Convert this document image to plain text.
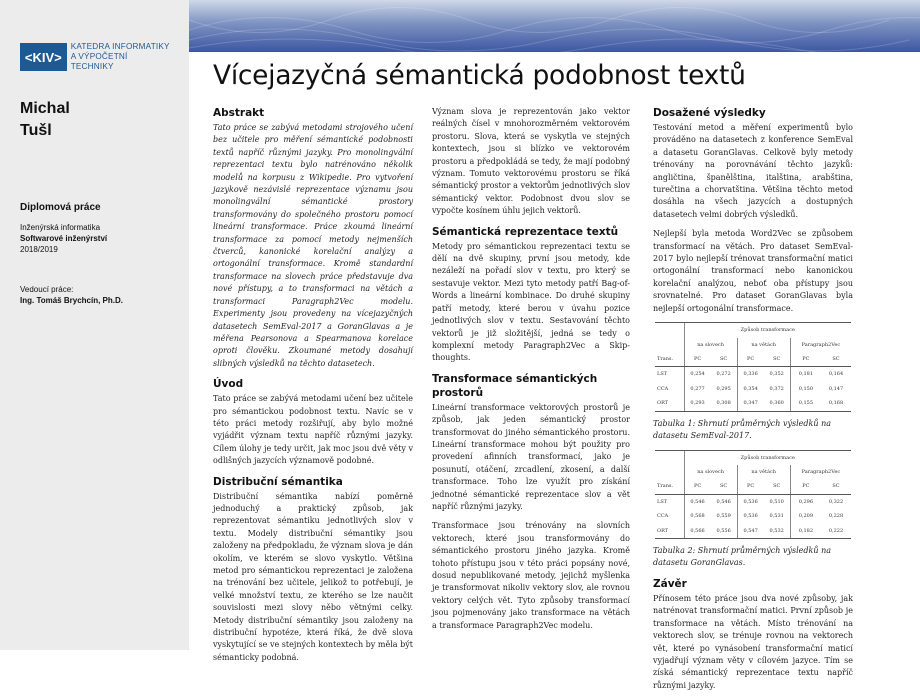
<KIV>
KATEDRA INFORMATIKY
A VÝPOČETNÍ TECHNIKY
Michal
Tušl
Diplomová práce
Inženýrská informatika
Softwarové inženýrství
2018/2019
Vedoucí práce:
Ing. Tomáš Brychcín, Ph.D.
Vícejazyčná sémantická podobnost textů
Abstrakt
Tato práce se zabývá metodami strojového učení bez učitele pro měření sémantické podobnosti textů napříč různými jazyky. Pro monolingvální reprezentaci textu bylo natrénováno několik modelů na korpusu z Wikipedie. Pro vytvoření jazykově nezávislé reprezentace významu jsou monolingvální sémantické prostory transformovány do společného prostoru pomocí lineární transformace. Práce zkoumá lineární transformace za pomocí metody nejmenších čtverců, kanonické korelační analýzy a ortogonální transformace. Kromě standardní transformace na slovech práce představuje dva nové přístupy, a to transformaci na větách a transformaci Paragraph2Vec modelu. Experimenty jsou provedeny na vícejazyčných datasetech SemEval-2017 a GoranGlavas a je měřena Pearsonova a Spearmanova korelace oproti člověku. Zkoumané metody dosahují slibných výsledků na těchto datasetech.
Úvod
Tato práce se zabývá metodami učení bez učitele pro sémantickou podobnost textu. Navíc se v této práci metody rozšiřují, aby bylo možné vyjádřit význam textu napříč různými jazyky. Cílem úlohy je tedy určit, jak moc jsou dvě věty v odlišných jazycích významově podobné.
Distribuční sémantika
Distribuční sémantika nabízí poměrně jednoduchý a praktický způsob, jak reprezentovat sémantiku jednotlivých slov v textu. Modely distribuční sémantiky jsou založeny na předpokladu, že význam slova je dán okolím, ve kterém se slovo vyskytlo. Většina metod pro sémantickou reprezentaci je založena na trénování bez učitele, jelikož to potřebují, je velké množství textu, ze kterého se lze naučit souvislosti mezi slovy něbo větnými celky. Metody distribuční sémantiky jsou založeny na distribuční hypotéze, která říká, že dvě slova vyskytující se ve stejných kontextech by měla být sémanticky podobná.
Význam slova je reprezentován jako vektor reálných čísel v mnohorozměrném vektorovém prostoru. Slova, která se vyskytla ve stejných kontextech, jsou si blízko ve vektorovém prostoru a předpokládá se tedy, že mají podobný význam. Tomuto vektorovému prostoru se říká sémantický prostor a vektorům jednotlivých slov sémantický vektor. Podobnost dvou slov se vypočte kosínem úhlu jejich vektorů.
Sémantická reprezentace textů
Metody pro sémantickou reprezentaci textu se dělí na dvě skupiny, první jsou metody, kde nezáleží na pořadí slov v textu, pro který se sestavuje vektor. Mezi tyto metody patří Bag-of-Words a lineární kombinace. Do druhé skupiny patří metody, které berou v úvahu pozice jednotlivých slov v textu. Sestavování těchto vektorů je již složitější, jedná se tedy o komplexní metody Paragraph2Vec a Skip-thoughts.
Transformace sémantických prostorů
Lineární transformace vektorových prostorů je způsob, jak jeden sémantický prostor transformovat do jiného sémantického prostoru. Lineární transformace mohou být použity pro provedení afinních transformací, jako je posunutí, otáčení, zrcadlení, zkosení, a další transformace. Toho lze využít pro získání jednotné sémantické reprezentace slov a vět napříč různými jazyky.
Transformace jsou trénovány na slovních vektorech, které jsou transformovány do sémantického prostoru jiného jazyka. Kromě tohoto přístupu jsou v této práci popsány nové, dosud nepublikované metody, jejichž myšlenka je transformovat nikoliv vektory slov, ale rovnou vektory celých vět. Tyto způsoby transformací jsou pojmenovány jako transformace na větách a transformace Paragraph2Vec modelu.
Dosažené výsledky
Testování metod a měření experimentů bylo prováděno na datasetech z konference SemEval a datasetu GoranGlavas. Celkově byly metody trénovány na porovnávání těchto jazyků: angličtina, španělština, italština, arabština, turečtina a chorvatština. Většina těchto metod dosáhla na všech jazycích a dostupných datasetech velmi dobrých výsledků.
Nejlepší byla metoda Word2Vec se způsobem transformací na větách. Pro dataset SemEval-2017 bylo nejlepší trénovat transformační matici ortogonální transformací nebo kanonickou korelační analýzou, neboť oba přístupy jsou srovnatelné. Pro dataset GoranGlavas byla nejlepší ortogonální transformace.
	Způsob transformace					
	na slovech		na větách		Paragraph2Vec	
Trans.	PC	SC	PC	SC	PC	SC
LST	0,254	0,272	0,336	0,352	0,181	0,164
CCA	0,277	0,295	0,354	0,372	0,150	0,147
ORT	0,293	0,308	0,347	0,360	0,155	0,168
Tabulka 1: Shrnutí průměrných výsledků na datasetu SemEval-2017.
	Způsob transformace					
	na slovech		na větách		Paragraph2Vec	
Trans.	PC	SC	PC	SC	PC	SC
LST	0,546	0,546	0,536	0,510	0,296	0,322
CCA	0,568	0,559	0,536	0,531	0,209	0,228
ORT	0,566	0,556	0,547	0,532	0,182	0,222
Tabulka 2: Shrnutí průměrných výsledků na datasetu GoranGlavas.
Závěr
Přínosem této práce jsou dva nové způsoby, jak natrénovat transformační matici. První způsob je transformace na větách. Místo trénování na vektorech slov, se trénuje rovnou na vektorech vět, které po vynásobení transformační maticí vyjadřují význam věty v cílovém jazyce. Tím se získá sémantický reprezentace textu napříč různými jazyky.
